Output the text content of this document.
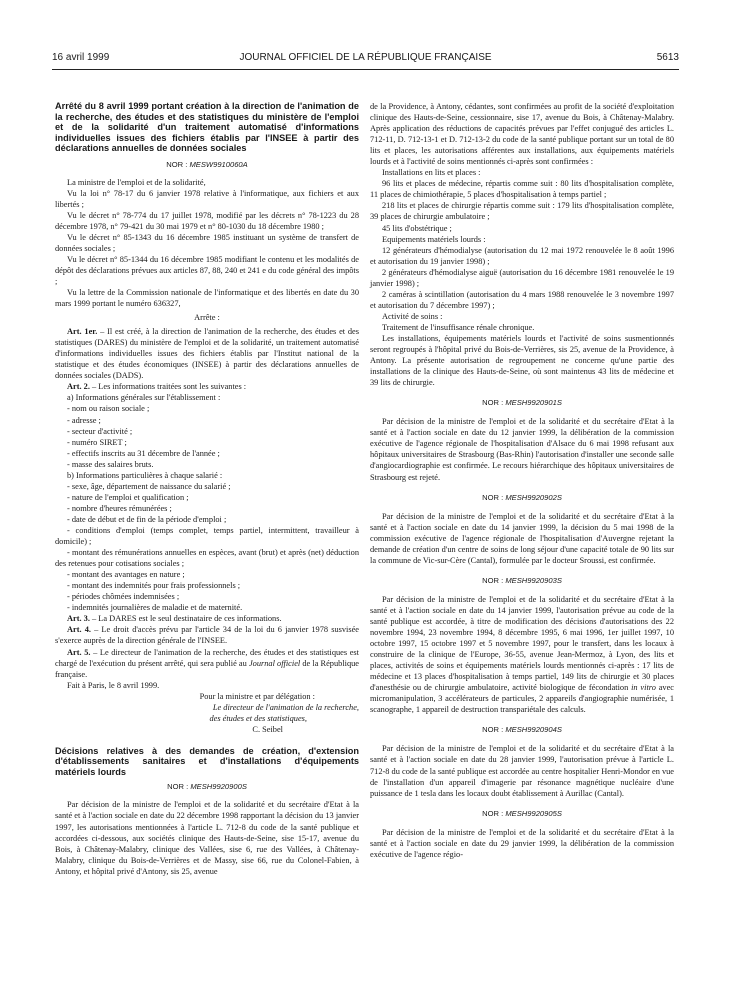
16 avril 1999	JOURNAL OFFICIEL DE LA RÉPUBLIQUE FRANÇAISE	5613

Arrêté du 8 avril 1999 portant création à la direction de l'animation de la recherche, des études et des statistiques du ministère de l'emploi et de la solidarité d'un traitement automatisé d'informations individuelles issues des fichiers établis par l'INSEE à partir des déclarations annuelles de données sociales

NOR : MESW9910060A

La ministre de l'emploi et de la solidarité,

Vu la loi n° 78-17 du 6 janvier 1978 relative à l'informatique, aux fichiers et aux libertés ;

Vu le décret n° 78-774 du 17 juillet 1978, modifié par les décrets n° 78-1223 du 28 décembre 1978, n° 79-421 du 30 mai 1979 et n° 80-1030 du 18 décembre 1980 ;

Vu le décret n° 85-1343 du 16 décembre 1985 instituant un système de transfert de données sociales ;

Vu le décret n° 85-1344 du 16 décembre 1985 modifiant le contenu et les modalités de dépôt des déclarations prévues aux articles 87, 88, 240 et 241 e du code général des impôts ;

Vu la lettre de la Commission nationale de l'informatique et des libertés en date du 30 mars 1999 portant le numéro 636327,

Arrête :

Art. 1er. – Il est créé, à la direction de l'animation de la recherche, des études et des statistiques (DARES) du ministère de l'emploi et de la solidarité, un traitement automatisé d'informations individuelles issues des fichiers établis par l'Institut national de la statistique et des études économiques (INSEE) à partir des déclarations annuelles de données sociales (DADS).

Art. 2. – Les informations traitées sont les suivantes :

a) Informations générales sur l'établissement :

- nom ou raison sociale ;

- adresse ;

- secteur d'activité ;

- numéro SIRET ;

- effectifs inscrits au 31 décembre de l'année ;

- masse des salaires bruts.

b) Informations particulières à chaque salarié :

- sexe, âge, département de naissance du salarié ;

- nature de l'emploi et qualification ;

- nombre d'heures rémunérées ;

- date de début et de fin de la période d'emploi ;

- conditions d'emploi (temps complet, temps partiel, intermittent, travailleur à domicile) ;

- montant des rémunérations annuelles en espèces, avant (brut) et après (net) déduction des retenues pour cotisations sociales ;

- montant des avantages en nature ;

- montant des indemnités pour frais professionnels ;

- périodes chômées indemnisées ;

- indemnités journalières de maladie et de maternité.

Art. 3. – La DARES est le seul destinataire de ces informations.

Art. 4. – Le droit d'accès prévu par l'article 34 de la loi du 6 janvier 1978 susvisée s'exerce auprès de la direction générale de l'INSEE.

Art. 5. – Le directeur de l'animation de la recherche, des études et des statistiques est chargé de l'exécution du présent arrêté, qui sera publié au Journal officiel de la République française.

Fait à Paris, le 8 avril 1999.

Pour la ministre et par délégation :

Le directeur de l'animation de la recherche,

des études et des statistiques,

C. Seibel

Décisions relatives à des demandes de création, d'extension d'établissements sanitaires et d'installations d'équipements matériels lourds

NOR : MESH9920900S

Par décision de la ministre de l'emploi et de la solidarité et du secrétaire d'Etat à la santé et à l'action sociale en date du 22 décembre 1998 rapportant la décision du 13 janvier 1997, les autorisations mentionnées à l'article L. 712-8 du code de la santé publique et accordées ci-dessous, aux sociétés clinique des Hauts-de-Seine, sise 15-17, avenue du Bois, à Châtenay-Malabry, clinique des Vallées, sise 6, rue des Vallées, à Châtenay-Malabry, clinique du Bois-de-Verrières et de Massy, sise 66, rue du Colonel-Fabien, à Antony, et hôpital privé d'Antony, sis 25, avenue

de la Providence, à Antony, cédantes, sont confirmées au profit de la société d'exploitation clinique des Hauts-de-Seine, cessionnaire, sise 17, avenue du Bois, à Châtenay-Malabry. Après application des réductions de capacités prévues par l'effet conjugué des articles L. 712-11, D. 712-13-1 et D. 712-13-2 du code de la santé publique portant sur un total de 80 lits et places, les autorisations afférentes aux installations, aux équipements matériels lourds et à l'activité de soins mentionnés ci-après sont confirmées :

Installations en lits et places :

96 lits et places de médecine, répartis comme suit : 80 lits d'hospitalisation complète, 11 places de chimiothérapie, 5 places d'hospitalisation à temps partiel ;

218 lits et places de chirurgie répartis comme suit : 179 lits d'hospitalisation complète, 39 places de chirurgie ambulatoire ;

45 lits d'obstétrique ;

Equipements matériels lourds :

12 générateurs d'hémodialyse (autorisation du 12 mai 1972 renouvelée le 8 août 1996 et autorisation du 19 janvier 1998) ;

2 générateurs d'hémodialyse aiguë (autorisation du 16 décembre 1981 renouvelée le 19 janvier 1998) ;

2 caméras à scintillation (autorisation du 4 mars 1988 renouvelée le 3 novembre 1997 et autorisation du 7 décembre 1997) ;

Activité de soins :

Traitement de l'insuffisance rénale chronique.

Les installations, équipements matériels lourds et l'activité de soins susmentionnés seront regroupés à l'hôpital privé du Bois-de-Verrières, sis 25, avenue de la Providence, à Antony. La présente autorisation de regroupement ne concerne qu'une partie des installations de la clinique des Hauts-de-Seine, où sont maintenus 43 lits de médecine et 39 lits de chirurgie.

NOR : MESH9920901S

Par décision de la ministre de l'emploi et de la solidarité et du secrétaire d'Etat à la santé et à l'action sociale en date du 12 janvier 1999, la délibération de la commission exécutive de l'agence régionale de l'hospitalisation d'Alsace du 6 mai 1998 refusant aux hôpitaux universitaires de Strasbourg (Bas-Rhin) l'autorisation d'installer une seconde salle d'angiocardiographie est confirmée. Le recours hiérarchique des hôpitaux universitaires de Strasbourg est rejeté.

NOR : MESH9920902S

Par décision de la ministre de l'emploi et de la solidarité et du secrétaire d'Etat à la santé et à l'action sociale en date du 14 janvier 1999, la décision du 5 mai 1998 de la commission exécutive de l'agence régionale de l'hospitalisation d'Auvergne rejetant la demande de création d'un centre de soins de long séjour d'une capacité totale de 90 lits sur la commune de Vic-sur-Cère (Cantal), formulée par le docteur Sroussi, est confirmée.

NOR : MESH9920903S

Par décision de la ministre de l'emploi et de la solidarité et du secrétaire d'Etat à la santé et à l'action sociale en date du 14 janvier 1999, l'autorisation prévue au code de la santé publique est accordée, à titre de modification des décisions d'autorisations des 22 novembre 1994, 23 novembre 1994, 8 décembre 1995, 6 mai 1996, 1er juillet 1997, 10 octobre 1997, 15 octobre 1997 et 5 novembre 1997, pour le transfert, dans les locaux à construire de la clinique de l'Europe, 36-55, avenue Jean-Mermoz, à Lyon, des lits et places, activités de soins et équipements matériels lourds mentionnés ci-après : 17 lits de médecine et 13 places d'hospitalisation à temps partiel, 149 lits de chirurgie et 30 places d'anesthésie ou de chirurgie ambulatoire, activité biologique de fécondation in vitro avec micromanipulation, 3 accélérateurs de particules, 2 appareils d'angiographie numérisée, 1 scanographe, 1 appareil de destruction transpariétale des calculs.

NOR : MESH9920904S

Par décision de la ministre de l'emploi et de la solidarité et du secrétaire d'Etat à la santé et à l'action sociale en date du 28 janvier 1999, l'autorisation prévue à l'article L. 712-8 du code de la santé publique est accordée au centre hospitalier Henri-Mondor en vue de l'installation d'un appareil d'imagerie par résonance magnétique nucléaire d'une puissance de 1 tesla dans les locaux doubt établissement à Aurillac (Cantal).

NOR : MESH9920905S

Par décision de la ministre de l'emploi et de la solidarité et du secrétaire d'Etat à la santé et à l'action sociale en date du 29 janvier 1999, la délibération de la commission exécutive de l'agence régio-
